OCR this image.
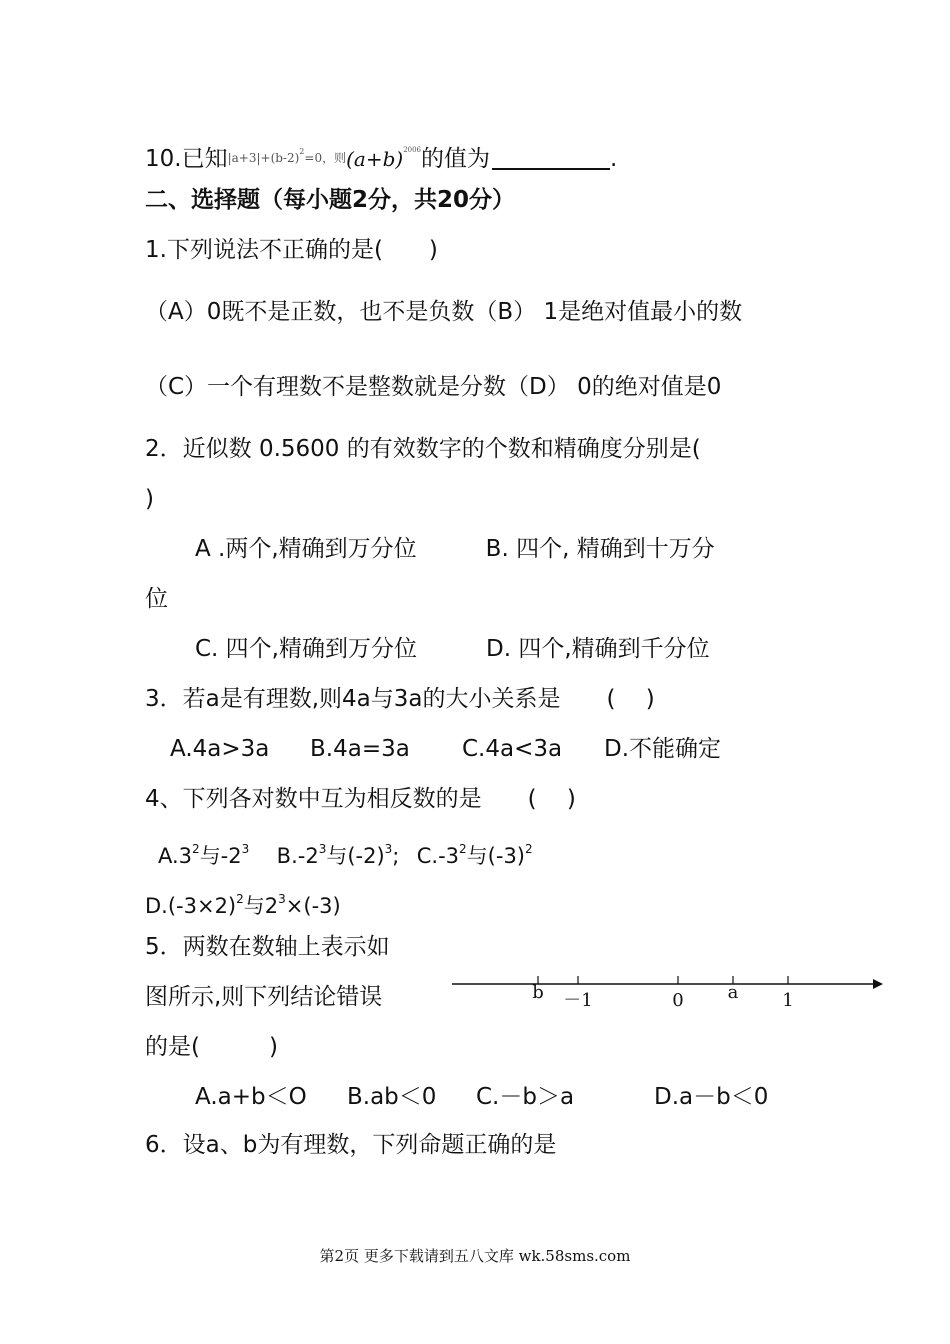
10.已知$|a+3|+(b-2)^2=0$，则$(a+b)^{2006}$的值为	.
二、选择题（每小题2分，共20分）
1.下列说法不正确的是(　　)
（A）0既不是正数，也不是负数（B） 1是绝对值最小的数
（C）一个有理数不是整数就是分数（D） 0的绝对值是0
2．近似数 0.5600 的有效数字的个数和精确度分别是(
)
A .两个,精确到万分位　　　B. 四个, 精确到十万分
位
C. 四个,精确到万分位　　　D. 四个,精确到千分位
3．若a是有理数,则4a与3a的大小关系是　　(　 )
A.4a>3a B.4a=3a C.4a<3a D.不能确定
4、下列各对数中互为相反数的是　　(　 )
$A.3^2$与$-2^3$ $B.-2^3$与$(-2)^3$; $C.-3^2$与$(-3)^2$
$D.(-3\times 2)^2$与$2^3\times(-3)$
5．两数在数轴上表示如
图所示,则下列结论错误
的是(　　　)
b －1	0 a 1
A.a+b＜O B.ab＜0 C.－b＞a	D.a－b＜0
6．设a、b为有理数，下列命题正确的是
第2页 更多下载请到五八文库 wk.58sms.com
